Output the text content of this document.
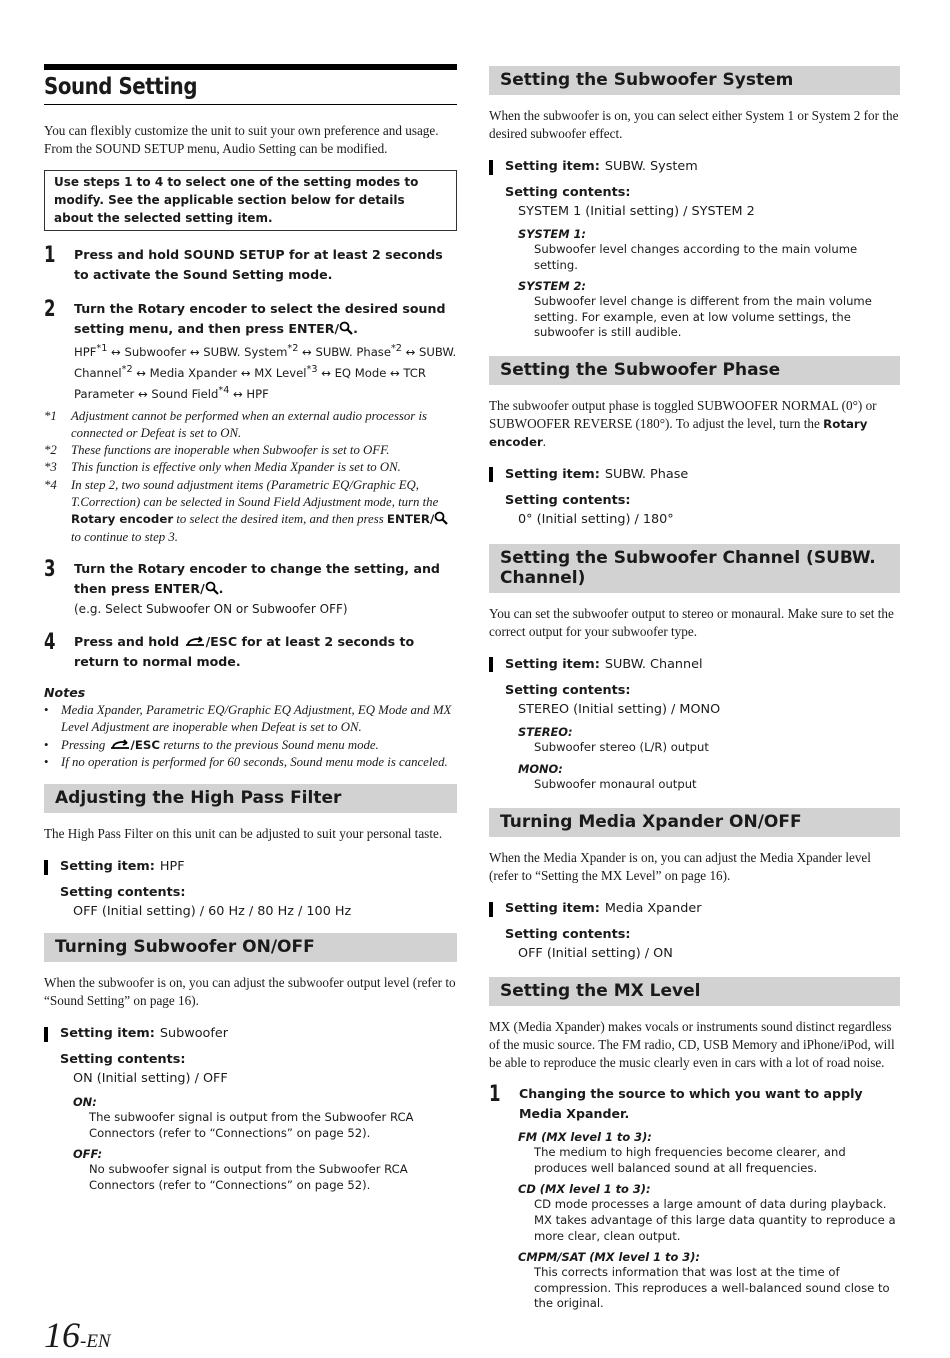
Sound Setting

You can flexibly customize the unit to suit your own preference and usage. From the SOUND SETUP menu, Audio Setting can be modified.

Use steps 1 to 4 to select one of the setting modes to modify. See the applicable section below for details about the selected setting item.
1	Press and hold SOUND SETUP for at least 2 seconds to activate the Sound Setting mode.

2	Turn the Rotary encoder to select the desired sound setting menu, and then press ENTER/ .

HPF$^{*1}$ ↔ Subwoofer ↔ SUBW. System$^{*2}$ ↔ SUBW. Phase$^{*2}$ ↔ SUBW. Channel$^{*2}$ ↔ Media Xpander ↔ MX Level$^{*3}$ ↔ EQ Mode ↔ TCR Parameter ↔ Sound Field$^{*4}$ ↔ HPF

*1	Adjustment cannot be performed when an external audio processor is connected or Defeat is set to ON.
*2	These functions are inoperable when Subwoofer is set to OFF.
*3	This function is effective only when Media Xpander is set to ON.
*4	In step 2, two sound adjustment items (Parametric EQ/Graphic EQ, T.Correction) can be selected in Sound Field Adjustment mode, turn the Rotary encoder to select the desired item, and then press ENTER/ to continue to step 3.
3	Turn the Rotary encoder to change the setting, and then press ENTER/ .

(e.g. Select Subwoofer ON or Subwoofer OFF)

4	Press and hold /ESC for at least 2 seconds to return to normal mode.

Notes

• Media Xpander, Parametric EQ/Graphic EQ Adjustment, EQ Mode and MX Level Adjustment are inoperable when Defeat is set to ON.
• Pressing /ESC returns to the previous Sound menu mode.
• If no operation is performed for 60 seconds, Sound menu mode is canceled.
Adjusting the High Pass Filter

The High Pass Filter on this unit can be adjusted to suit your personal taste.

Setting item: HPF

Setting contents:

OFF (Initial setting) / 60 Hz / 80 Hz / 100 Hz

Turning Subwoofer ON/OFF

When the subwoofer is on, you can adjust the subwoofer output level (refer to “Sound Setting” on page 16).

Setting item: Subwoofer

Setting contents:

ON (Initial setting) / OFF

ON:

The subwoofer signal is output from the Subwoofer RCA Connectors (refer to “Connections” on page 52).

OFF:

No subwoofer signal is output from the Subwoofer RCA Connectors (refer to “Connections” on page 52).

Setting the Subwoofer System

When the subwoofer is on, you can select either System 1 or System 2 for the desired subwoofer effect.

Setting item: SUBW. System

Setting contents:

SYSTEM 1 (Initial setting) / SYSTEM 2

SYSTEM 1:

Subwoofer level changes according to the main volume setting.

SYSTEM 2:

Subwoofer level change is different from the main volume setting. For example, even at low volume settings, the subwoofer is still audible.

Setting the Subwoofer Phase

The subwoofer output phase is toggled SUBWOOFER NORMAL (0°) or SUBWOOFER REVERSE (180°). To adjust the level, turn the Rotary encoder.

Setting item: SUBW. Phase

Setting contents:

0° (Initial setting) / 180°

Setting the Subwoofer Channel (SUBW. Channel)

You can set the subwoofer output to stereo or monaural. Make sure to set the correct output for your subwoofer type.

Setting item: SUBW. Channel

Setting contents:

STEREO (Initial setting) / MONO

STEREO:

Subwoofer stereo (L/R) output

MONO:

Subwoofer monaural output

Turning Media Xpander ON/OFF

When the Media Xpander is on, you can adjust the Media Xpander level (refer to “Setting the MX Level” on page 16).

Setting item: Media Xpander

Setting contents:

OFF (Initial setting) / ON

Setting the MX Level

MX (Media Xpander) makes vocals or instruments sound distinct regardless of the music source. The FM radio, CD, USB Memory and iPhone/iPod, will be able to reproduce the music clearly even in cars with a lot of road noise.

1	Changing the source to which you want to apply Media Xpander.

FM (MX level 1 to 3):

The medium to high frequencies become clearer, and produces well balanced sound at all frequencies.

CD (MX level 1 to 3):

CD mode processes a large amount of data during playback. MX takes advantage of this large data quantity to reproduce a more clear, clean output.

CMPM/SAT (MX level 1 to 3):

This corrects information that was lost at the time of compression. This reproduces a well-balanced sound close to the original.

16-EN
